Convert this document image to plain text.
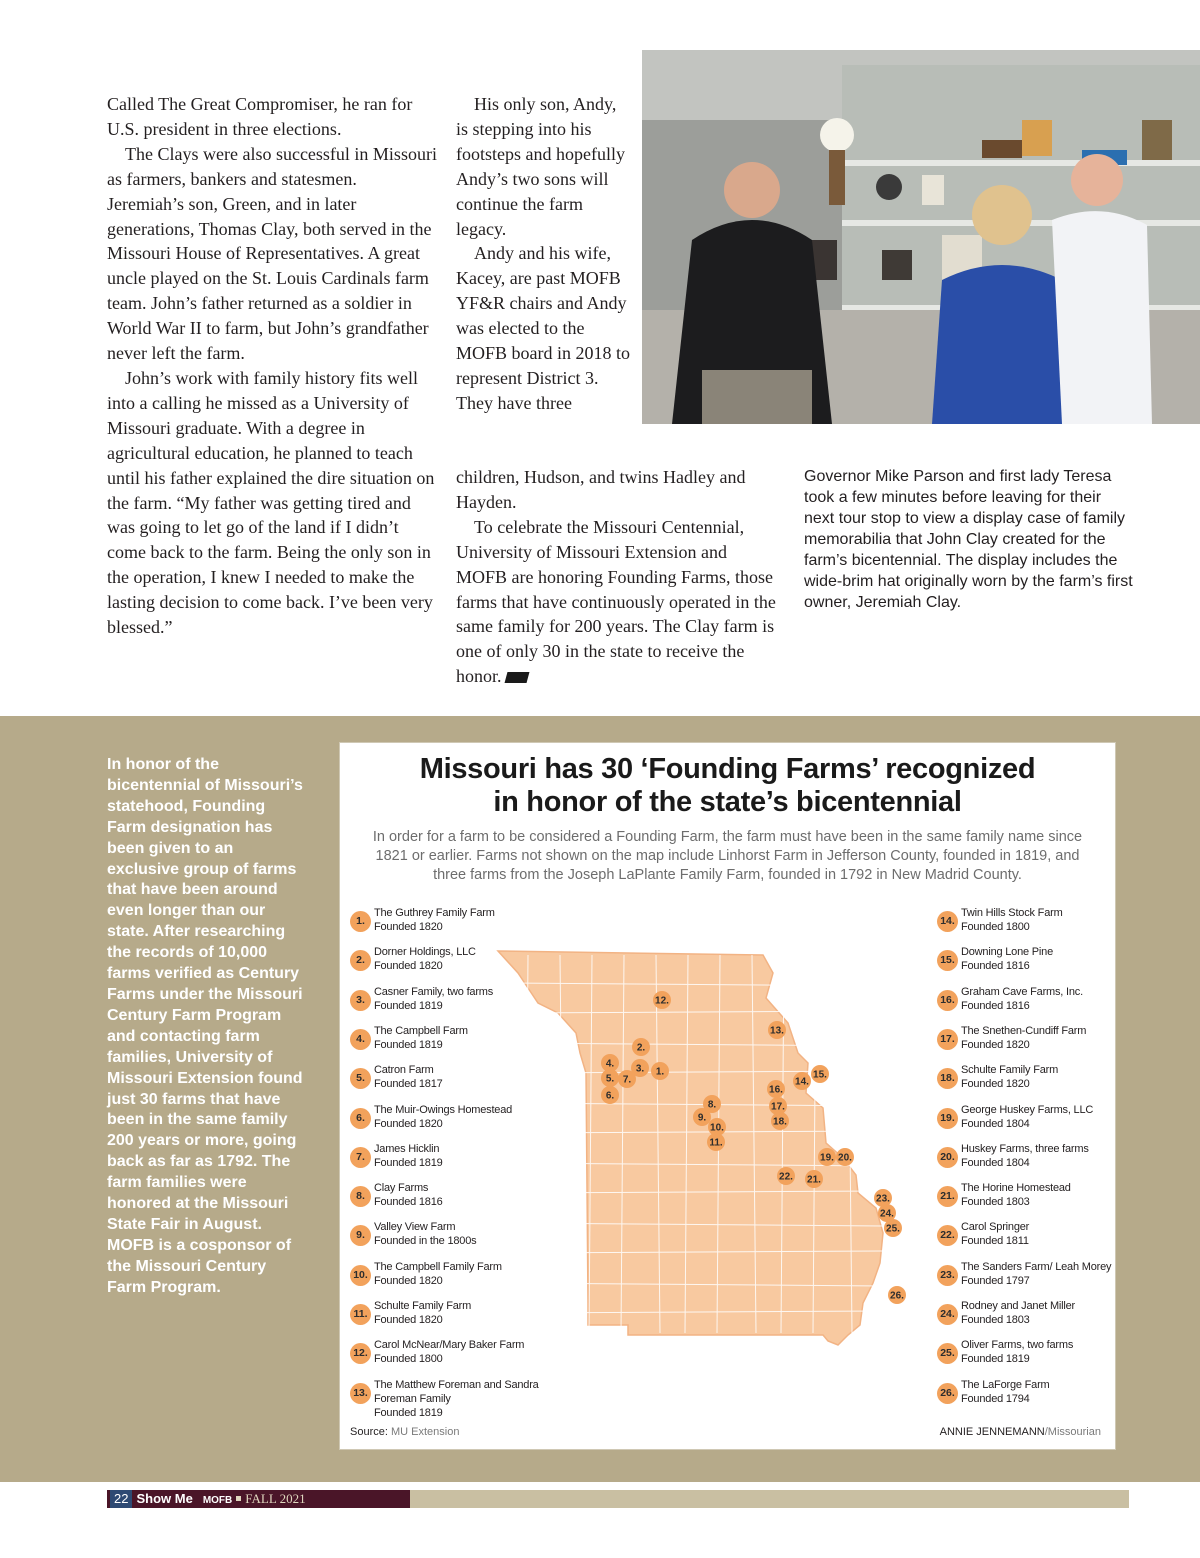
Called The Great Compromiser, he ran for U.S. president in three elections.

The Clays were also successful in Missouri as farmers, bankers and statesmen. Jeremiah’s son, Green, and in later generations, Thomas Clay, both served in the Missouri House of Representatives. A great uncle played on the St. Louis Cardinals farm team. John’s father returned as a soldier in World War II to farm, but John’s grandfather never left the farm.

John’s work with family history fits well into a calling he missed as a University of Missouri graduate. With a degree in agricultural education, he planned to teach until his father explained the dire situation on the farm. “My father was getting tired and was going to let go of the land if I didn’t come back to the farm. Being the only son in the operation, I knew I needed to make the lasting decision to come back. I’ve been very blessed.”

His only son, Andy, is stepping into his footsteps and hopefully Andy’s two sons will continue the farm legacy.

Andy and his wife, Kacey, are past MOFB YF&R chairs and Andy was elected to the MOFB board in 2018 to represent District 3. They have three

children, Hudson, and twins Hadley and Hayden.

To celebrate the Missouri Centennial, University of Missouri Extension and MOFB are honoring Founding Farms, those farms that have continuously operated in the same family for 200 years. The Clay farm is one of only 30 in the state to receive the honor.

Governor Mike Parson and first lady Teresa took a few minutes before leaving for their next tour stop to view a display case of family memorabilia that John Clay created for the farm’s bicentennial. The display includes the wide-brim hat originally worn by the farm’s first owner, Jeremiah Clay.
In honor of the bicentennial of Missouri’s statehood, Founding Farm designation has been given to an exclusive group of farms that have been around even longer than our state. After researching the records of 10,000 farms verified as Century Farms under the Missouri Century Farm Program and contacting farm families, University of Missouri Extension found just 30 farms that have been in the same family 200 years or more, going back as far as 1792. The farm families were honored at the Missouri State Fair in August. MOFB is a cosponsor of the Missouri Century Farm Program.
Missouri has 30 ‘Founding Farms’ recognized
in honor of the state’s bicentennial
In order for a farm to be considered a Founding Farm, the farm must have been in the same family name since 1821 or earlier. Farms not shown on the map include Linhorst Farm in Jefferson County, founded in 1819, and three farms from the Joseph LaPlante Family Farm, founded in 1792 in New Madrid County.
1.
The Guthrey Family Farm
Founded 1820
2.
Dorner Holdings, LLC
Founded 1820
3.
Casner Family, two farms
Founded 1819
4.
The Campbell Farm
Founded 1819
5.
Catron Farm
Founded 1817
6.
The Muir-Owings Homestead
Founded 1820
7.
James Hicklin
Founded 1819
8.
Clay Farms
Founded 1816
9.
Valley View Farm
Founded in the 1800s
10.
The Campbell Family Farm
Founded 1820
11.
Schulte Family Farm
Founded 1820
12.
Carol McNear/Mary Baker Farm
Founded 1800
13.
The Matthew Foreman and Sandra Foreman Family
Founded 1819
14.
Twin Hills Stock Farm
Founded 1800
15.
Downing Lone Pine
Founded 1816
16.
Graham Cave Farms, Inc.
Founded 1816
17.
The Snethen-Cundiff Farm
Founded 1820
18.
Schulte Family Farm
Founded 1820
19.
George Huskey Farms, LLC
Founded 1804
20.
Huskey Farms, three farms
Founded 1804
21.
The Horine Homestead
Founded 1803
22.
Carol Springer
Founded 1811
23.
The Sanders Farm/ Leah Morey
Founded 1797
24.
Rodney and Janet Miller
Founded 1803
25.
Oliver Farms, two farms
Founded 1819
26.
The LaForge Farm
Founded 1794
1.
2.
3.
4.
5.
6.
7.
8.
9.
10.
11.
12.
13.
14.
15.
16.
17.
18.
19. 20.
21.
22.
23.
24.
25.
26.
Source: MU Extension	ANNIE JENNEMANN/Missourian
22 Show Me MOFB FALL 2021
